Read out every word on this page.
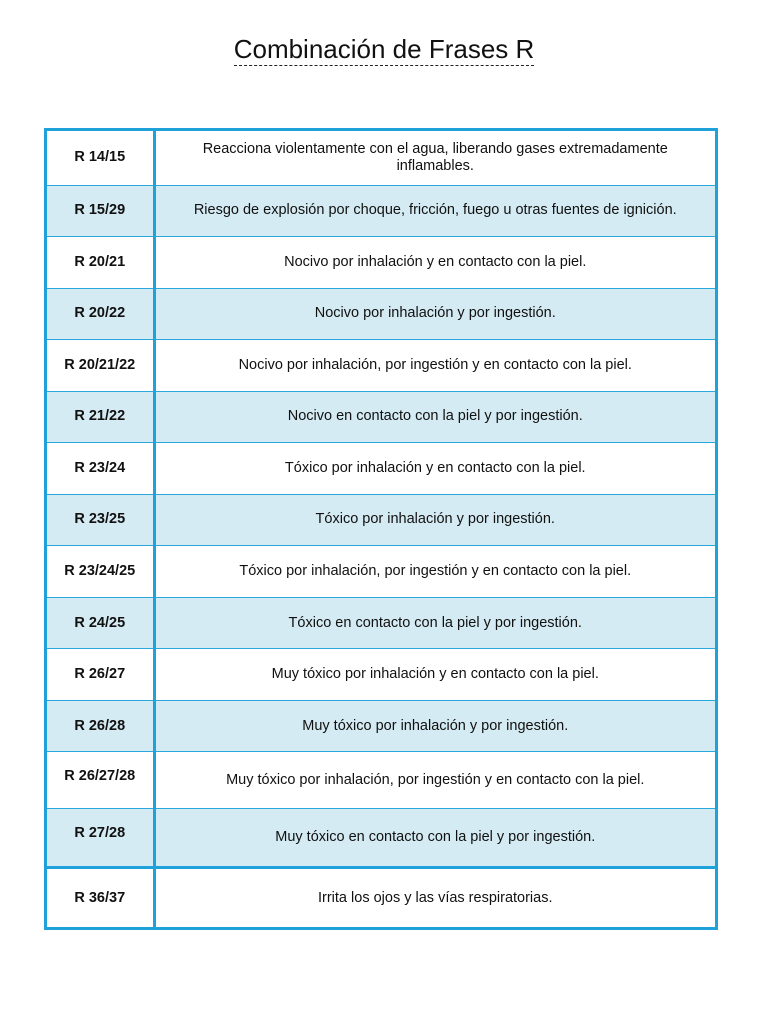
Combinación de Frases R
R 14/15	Reacciona violentamente con el agua, liberando gases extremadamente inflamables.
R 15/29	Riesgo de explosión por choque, fricción, fuego u otras fuentes de ignición.
R 20/21	Nocivo por inhalación y en contacto con la piel.
R 20/22	Nocivo por inhalación y por ingestión.
R 20/21/22	Nocivo por inhalación, por ingestión y en contacto con la piel.
R 21/22	Nocivo en contacto con la piel y por ingestión.
R 23/24	Tóxico por inhalación y en contacto con la piel.
R 23/25	Tóxico por inhalación y por ingestión.
R 23/24/25	Tóxico por inhalación, por ingestión y en contacto con la piel.
R 24/25	Tóxico en contacto con la piel y por ingestión.
R 26/27	Muy tóxico por inhalación y en contacto con la piel.
R 26/28	Muy tóxico por inhalación y por ingestión.
R 26/27/28	Muy tóxico por inhalación, por ingestión y en contacto con la piel.
R 27/28	Muy tóxico en contacto con la piel y por ingestión.
R 36/37	Irrita los ojos y las vías respiratorias.
